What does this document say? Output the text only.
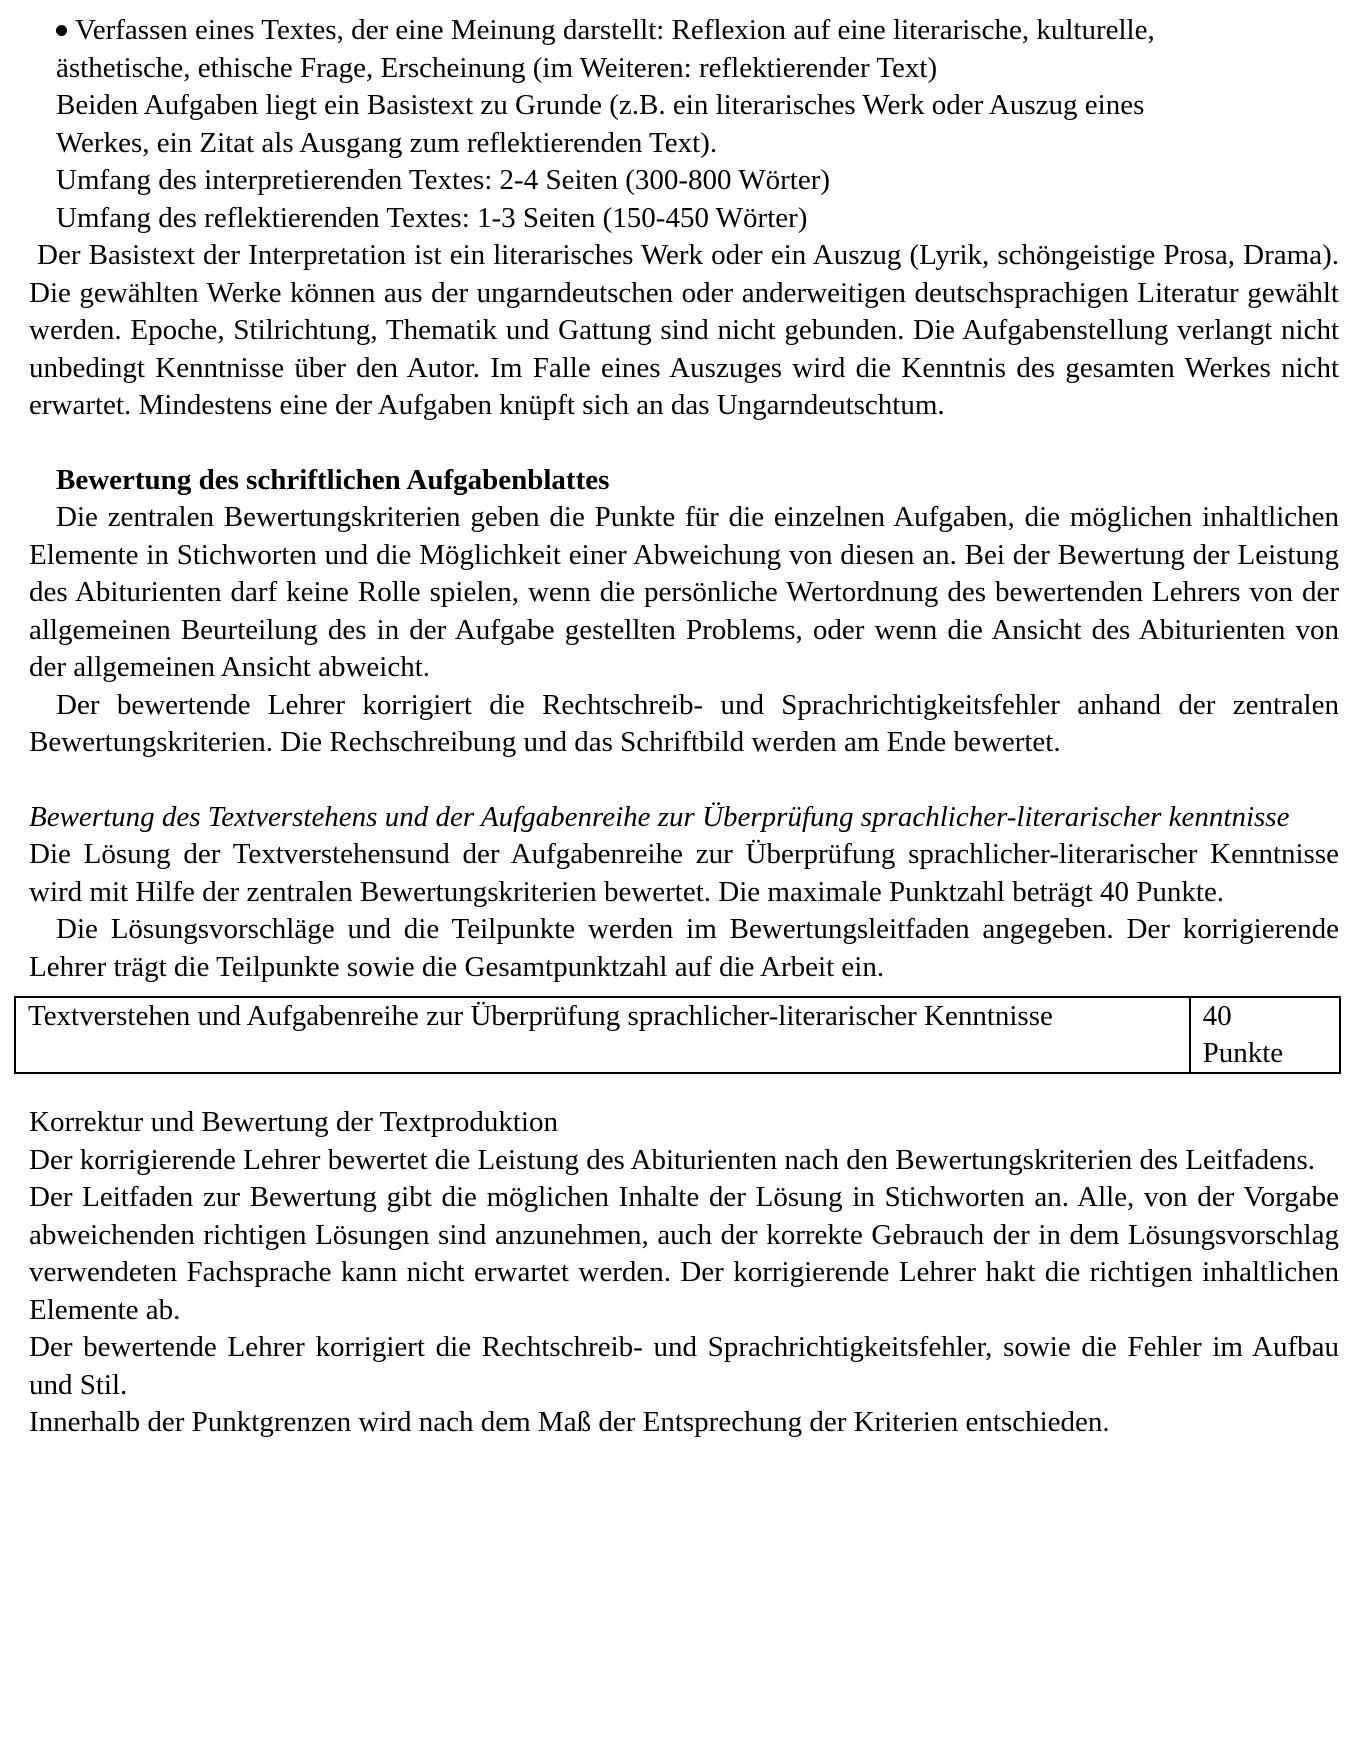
Verfassen eines Textes, der eine Meinung darstellt: Reflexion auf eine literarische, kulturelle,

ästhetische, ethische Frage, Erscheinung (im Weiteren: reflektierender Text)

Beiden Aufgaben liegt ein Basistext zu Grunde (z.B. ein literarisches Werk oder Auszug eines

Werkes, ein Zitat als Ausgang zum reflektierenden Text).

Umfang des interpretierenden Textes: 2-4 Seiten (300-800 Wörter)

Umfang des reflektierenden Textes: 1-3 Seiten (150-450 Wörter)

Der Basistext der Interpretation ist ein literarisches Werk oder ein Auszug (Lyrik, schöngeistige Prosa, Drama). Die gewählten Werke können aus der ungarndeutschen oder anderweitigen deutschsprachigen Literatur gewählt werden. Epoche, Stilrichtung, Thematik und Gattung sind nicht gebunden. Die Aufgabenstellung verlangt nicht unbedingt Kenntnisse über den Autor. Im Falle eines Auszuges wird die Kenntnis des gesamten Werkes nicht erwartet. Mindestens eine der Aufgaben knüpft sich an das Ungarndeutschtum.

Bewertung des schriftlichen Aufgabenblattes

Die zentralen Bewertungskriterien geben die Punkte für die einzelnen Aufgaben, die möglichen inhaltlichen Elemente in Stichworten und die Möglichkeit einer Abweichung von diesen an. Bei der Bewertung der Leistung des Abiturienten darf keine Rolle spielen, wenn die persönliche Wertordnung des bewertenden Lehrers von der allgemeinen Beurteilung des in der Aufgabe gestellten Problems, oder wenn die Ansicht des Abiturienten von der allgemeinen Ansicht abweicht.

Der bewertende Lehrer korrigiert die Rechtschreib- und Sprachrichtigkeitsfehler anhand der zentralen Bewertungskriterien. Die Rechschreibung und das Schriftbild werden am Ende bewertet.

Bewertung des Textverstehens und der Aufgabenreihe zur Überprüfung sprachlicher-literarischer kenntnisse

Die Lösung der Textverstehensund der Aufgabenreihe zur Überprüfung sprachlicher-literarischer Kenntnisse wird mit Hilfe der zentralen Bewertungskriterien bewertet. Die maximale Punktzahl beträgt 40 Punkte.

Die Lösungsvorschläge und die Teilpunkte werden im Bewertungsleitfaden angegeben. Der korrigierende Lehrer trägt die Teilpunkte sowie die Gesamtpunktzahl auf die Arbeit ein.

Textverstehen und Aufgabenreihe zur Überprüfung sprachlicher-literarischer Kenntnisse	40
Punkte

Korrektur und Bewertung der Textproduktion

Der korrigierende Lehrer bewertet die Leistung des Abiturienten nach den Bewertungskriterien des Leitfadens.

Der Leitfaden zur Bewertung gibt die möglichen Inhalte der Lösung in Stichworten an. Alle, von der Vorgabe abweichenden richtigen Lösungen sind anzunehmen, auch der korrekte Gebrauch der in dem Lösungsvorschlag verwendeten Fachsprache kann nicht erwartet werden. Der korrigierende Lehrer hakt die richtigen inhaltlichen Elemente ab.

Der bewertende Lehrer korrigiert die Rechtschreib- und Sprachrichtigkeitsfehler, sowie die Fehler im Aufbau und Stil.

Innerhalb der Punktgrenzen wird nach dem Maß der Entsprechung der Kriterien entschieden.
